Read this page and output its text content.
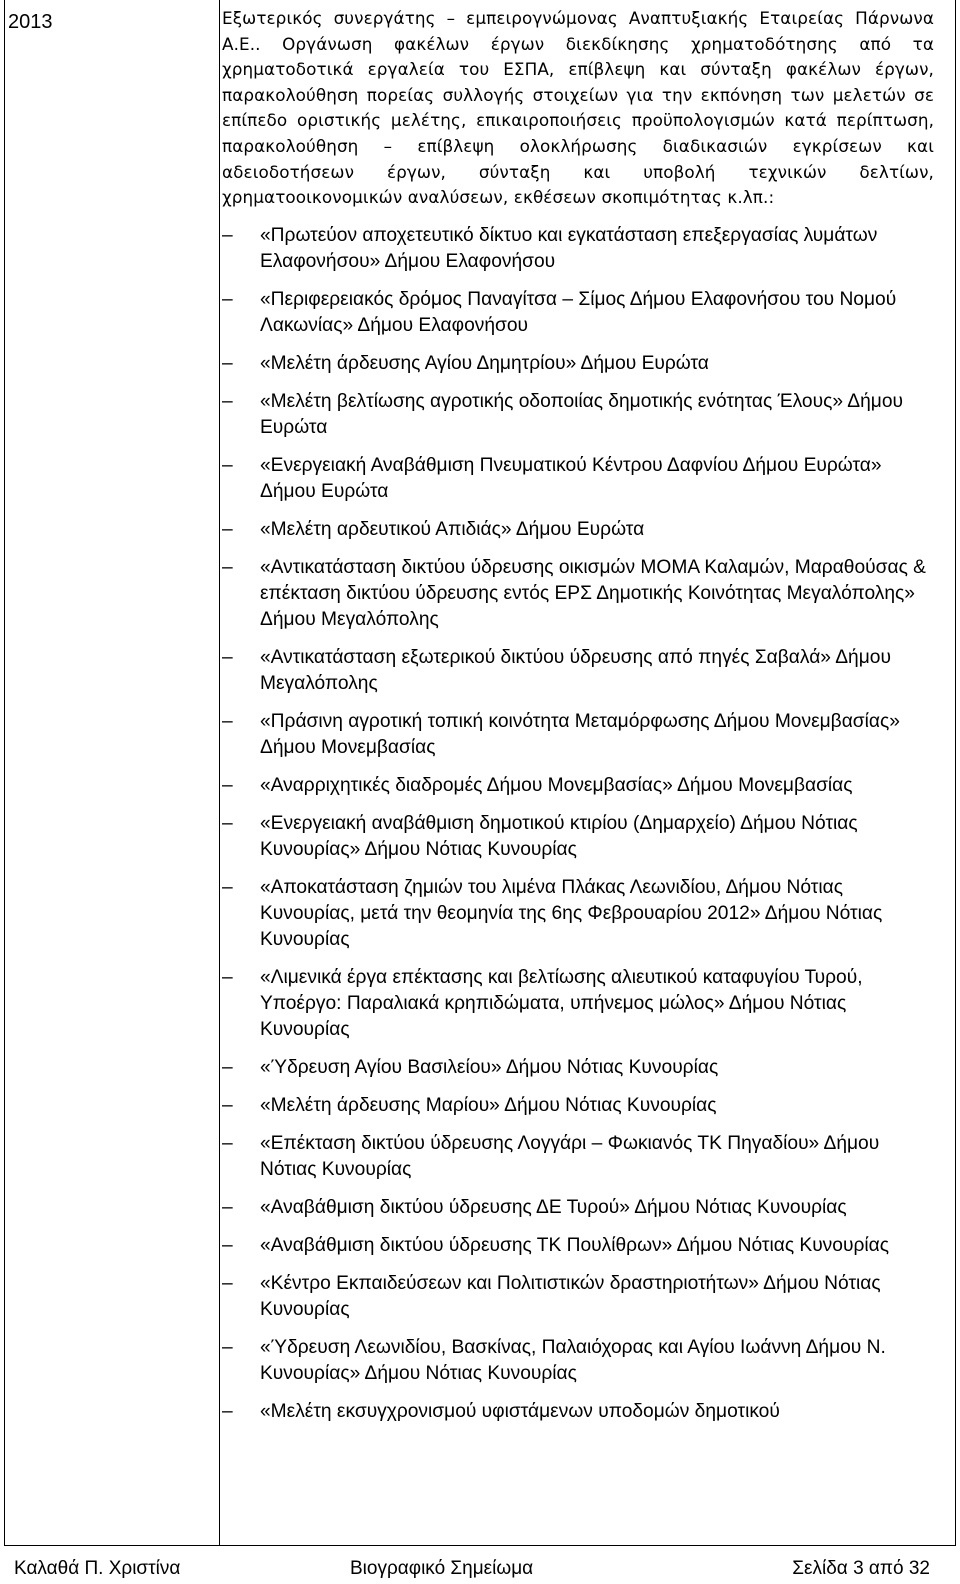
2013	Εξωτερικός συνεργάτης – εμπειρογνώμονας Αναπτυξιακής Εταιρείας Πάρνωνα Α.Ε.. Οργάνωση φακέλων έργων διεκδίκησης χρηματοδότησης από τα χρηματοδοτικά εργαλεία του ΕΣΠΑ, επίβλεψη και σύνταξη φακέλων έργων, παρακολούθηση πορείας συλλογής στοιχείων για την εκπόνηση των μελετών σε επίπεδο οριστικής μελέτης, επικαιροποιήσεις προϋπολογισμών κατά περίπτωση, παρακολούθηση – επίβλεψη ολοκλήρωσης διαδικασιών εγκρίσεων και αδειοδοτήσεων έργων, σύνταξη και υποβολή τεχνικών δελτίων, χρηματοοικονομικών αναλύσεων, εκθέσεων σκοπιμότητας κ.λπ.:

–	«Πρωτεύον αποχετευτικό δίκτυο και εγκατάσταση επεξεργασίας λυμάτων Ελαφονήσου» Δήμου Ελαφονήσου
–	«Περιφερειακός δρόμος Παναγίτσα – Σίμος Δήμου Ελαφονήσου του Νομού Λακωνίας» Δήμου Ελαφονήσου
–	«Μελέτη άρδευσης Αγίου Δημητρίου» Δήμου Ευρώτα
–	«Μελέτη βελτίωσης αγροτικής οδοποιίας δημοτικής ενότητας Έλους» Δήμου Ευρώτα
–	«Ενεργειακή Αναβάθμιση Πνευματικού Κέντρου Δαφνίου Δήμου Ευρώτα» Δήμου Ευρώτα
–	«Μελέτη αρδευτικού Απιδιάς» Δήμου Ευρώτα
–	«Αντικατάσταση δικτύου ύδρευσης οικισμών ΜΟΜΑ Καλαμών, Μαραθούσας & επέκταση δικτύου ύδρευσης εντός ΕΡΣ Δημοτικής Κοινότητας Μεγαλόπολης» Δήμου Μεγαλόπολης
–	«Αντικατάσταση εξωτερικού δικτύου ύδρευσης από πηγές Σαβαλά» Δήμου Μεγαλόπολης
–	«Πράσινη αγροτική τοπική κοινότητα Μεταμόρφωσης Δήμου Μονεμβασίας» Δήμου Μονεμβασίας
–	«Αναρριχητικές διαδρομές Δήμου Μονεμβασίας» Δήμου Μονεμβασίας
–	«Ενεργειακή αναβάθμιση δημοτικού κτιρίου (Δημαρχείο) Δήμου Νότιας Κυνουρίας» Δήμου Νότιας Κυνουρίας
–	«Αποκατάσταση ζημιών του λιμένα Πλάκας Λεωνιδίου, Δήμου Νότιας Κυνουρίας, μετά την θεομηνία της 6ης Φεβρουαρίου 2012» Δήμου Νότιας Κυνουρίας
–	«Λιμενικά έργα επέκτασης και βελτίωσης αλιευτικού καταφυγίου Τυρού, Υποέργο: Παραλιακά κρηπιδώματα, υπήνεμος μώλος» Δήμου Νότιας Κυνουρίας
–	«Ύδρευση Αγίου Βασιλείου» Δήμου Νότιας Κυνουρίας
–	«Μελέτη άρδευσης Μαρίου» Δήμου Νότιας Κυνουρίας
–	«Επέκταση δικτύου ύδρευσης Λογγάρι – Φωκιανός ΤΚ Πηγαδίου» Δήμου Νότιας Κυνουρίας
–	«Αναβάθμιση δικτύου ύδρευσης ΔΕ Τυρού» Δήμου Νότιας Κυνουρίας
–	«Αναβάθμιση δικτύου ύδρευσης ΤΚ Πουλίθρων» Δήμου Νότιας Κυνουρίας
–	«Κέντρο Εκπαιδεύσεων και Πολιτιστικών δραστηριοτήτων» Δήμου Νότιας Κυνουρίας
–	«Ύδρευση Λεωνιδίου, Βασκίνας, Παλαιόχορας και Αγίου Ιωάννη Δήμου Ν. Κυνουρίας» Δήμου Νότιας Κυνουρίας
–	«Μελέτη εκσυγχρονισμού υφιστάμενων υποδομών δημοτικού
Καλαθά Π. Χριστίνα	Βιογραφικό Σημείωμα	Σελίδα 3 από 32
